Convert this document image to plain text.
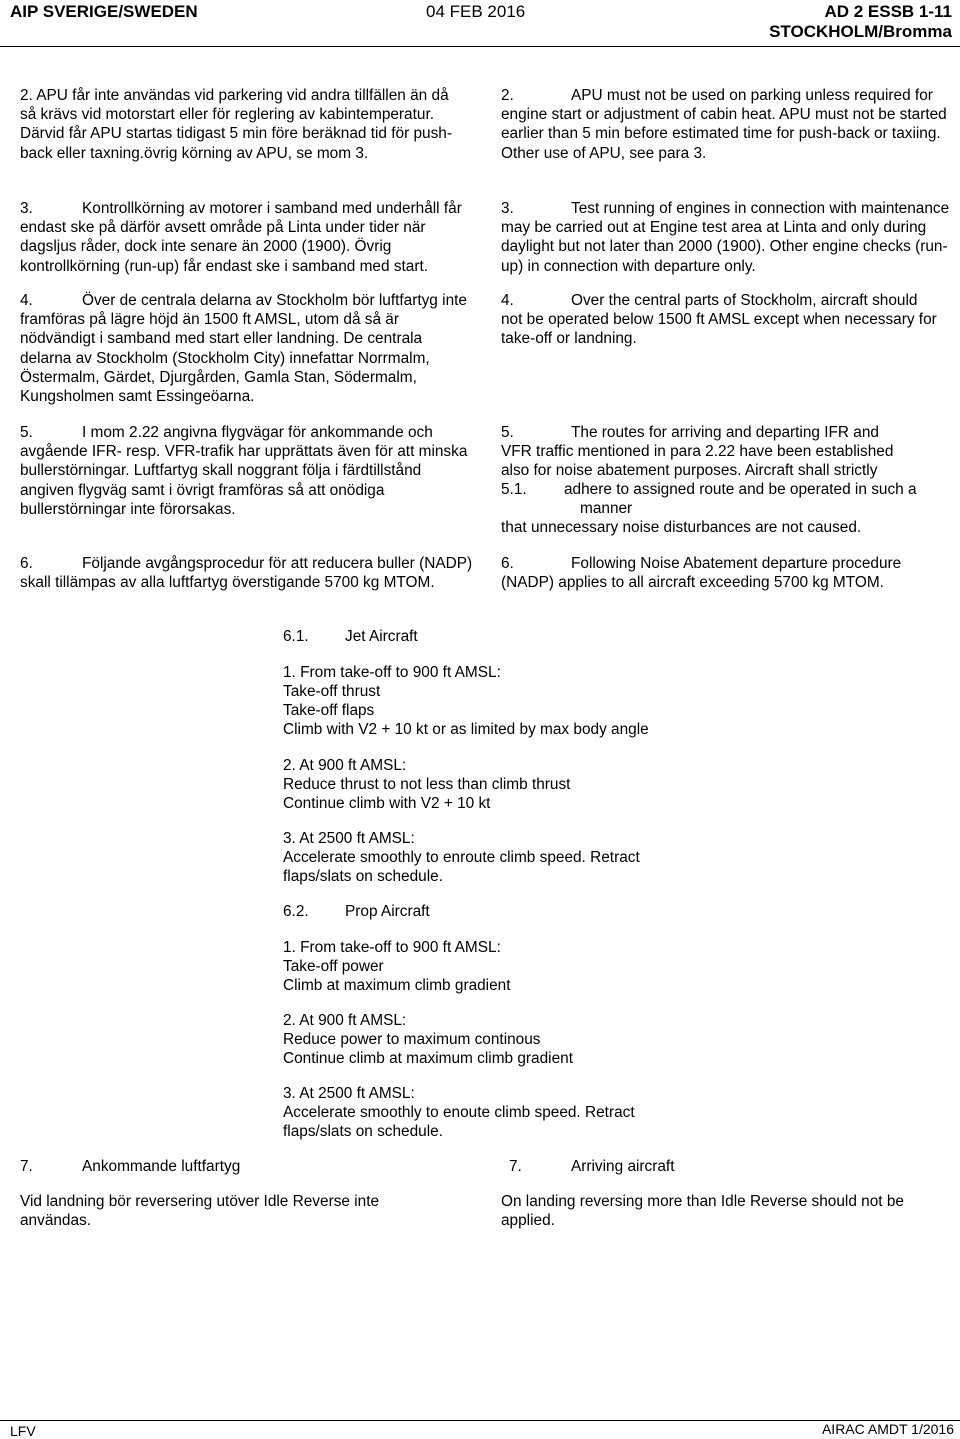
AIP SVERIGE/SWEDEN	04 FEB 2016	AD 2 ESSB 1-11
STOCKHOLM/Bromma
2. APU får inte användas vid parkering vid andra tillfällen än då så krävs vid motorstart eller för reglering av kabintemperatur. Därvid får APU startas tidigast 5 min före beräknad tid för push-back eller taxning.övrig körning av APU, se mom 3.
3.	Kontrollkörning av motorer i samband med underhåll får endast ske på därför avsett område på Linta under tider när dagsljus råder, dock inte senare än 2000 (1900). Övrig kontrollkörning (run-up) får endast ske i samband med start.
4.	Över de centrala delarna av Stockholm bör luftfartyg inte framföras på lägre höjd än 1500 ft AMSL, utom då så är nödvändigt i samband med start eller landning. De centrala delarna av Stockholm (Stockholm City) innefattar Norrmalm, Östermalm, Gärdet, Djurgården, Gamla Stan, Södermalm, Kungsholmen samt Essingeöarna.
5.	I mom 2.22 angivna flygvägar för ankommande och avgående IFR- resp. VFR-trafik har upprättats även för att minska bullerstörningar. Luftfartyg skall noggrant följa i färdtillstånd angiven flygväg samt i övrigt framföras så att onödiga bullerstörningar inte förorsakas.
6.	Följande avgångsprocedur för att reducera buller (NADP) skall tillämpas av alla luftfartyg överstigande 5700 kg MTOM.
2.	APU must not be used on parking unless required for engine start or adjustment of cabin heat. APU must not be started earlier than 5 min before estimated time for push-back or taxiing. Other use of APU, see para 3.
3.	Test running of engines in connection with maintenance may be carried out at Engine test area at Linta and only during daylight but not later than 2000 (1900). Other engine checks (run-up) in connection with departure only.
4.	Over the central parts of Stockholm, aircraft should not be operated below 1500 ft AMSL except when necessary for take-off or landning.
5.	The routes for arriving and departing IFR and
VFR traffic mentioned in para 2.22 have been established
also for noise abatement purposes. Aircraft shall strictly
5.1. adhere to assigned route and be operated in such a
manner
that unnecessary noise disturbances are not caused.
6.	Following Noise Abatement departure procedure (NADP) applies to all aircraft exceeding 5700 kg MTOM.
6.1. Jet Aircraft
1. From take-off to 900 ft AMSL:
Take-off thrust
Take-off flaps
Climb with V2 + 10 kt or as limited by max body angle
2. At 900 ft AMSL:
Reduce thrust to not less than climb thrust
Continue climb with V2 + 10 kt
3. At 2500 ft AMSL:
Accelerate smoothly to enroute climb speed. Retract
flaps/slats on schedule.
6.2. Prop Aircraft
1. From take-off to 900 ft AMSL:
Take-off power
Climb at maximum climb gradient
2. At 900 ft AMSL:
Reduce power to maximum continous
Continue climb at maximum climb gradient
3. At 2500 ft AMSL:
Accelerate smoothly to enoute climb speed. Retract
flaps/slats on schedule.
7.	Ankommande luftfartyg	7.	Arriving aircraft
Vid landning bör reversering utöver Idle Reverse inte användas.
On landing reversing more than Idle Reverse should not be applied.
LFV	AIRAC AMDT 1/2016
